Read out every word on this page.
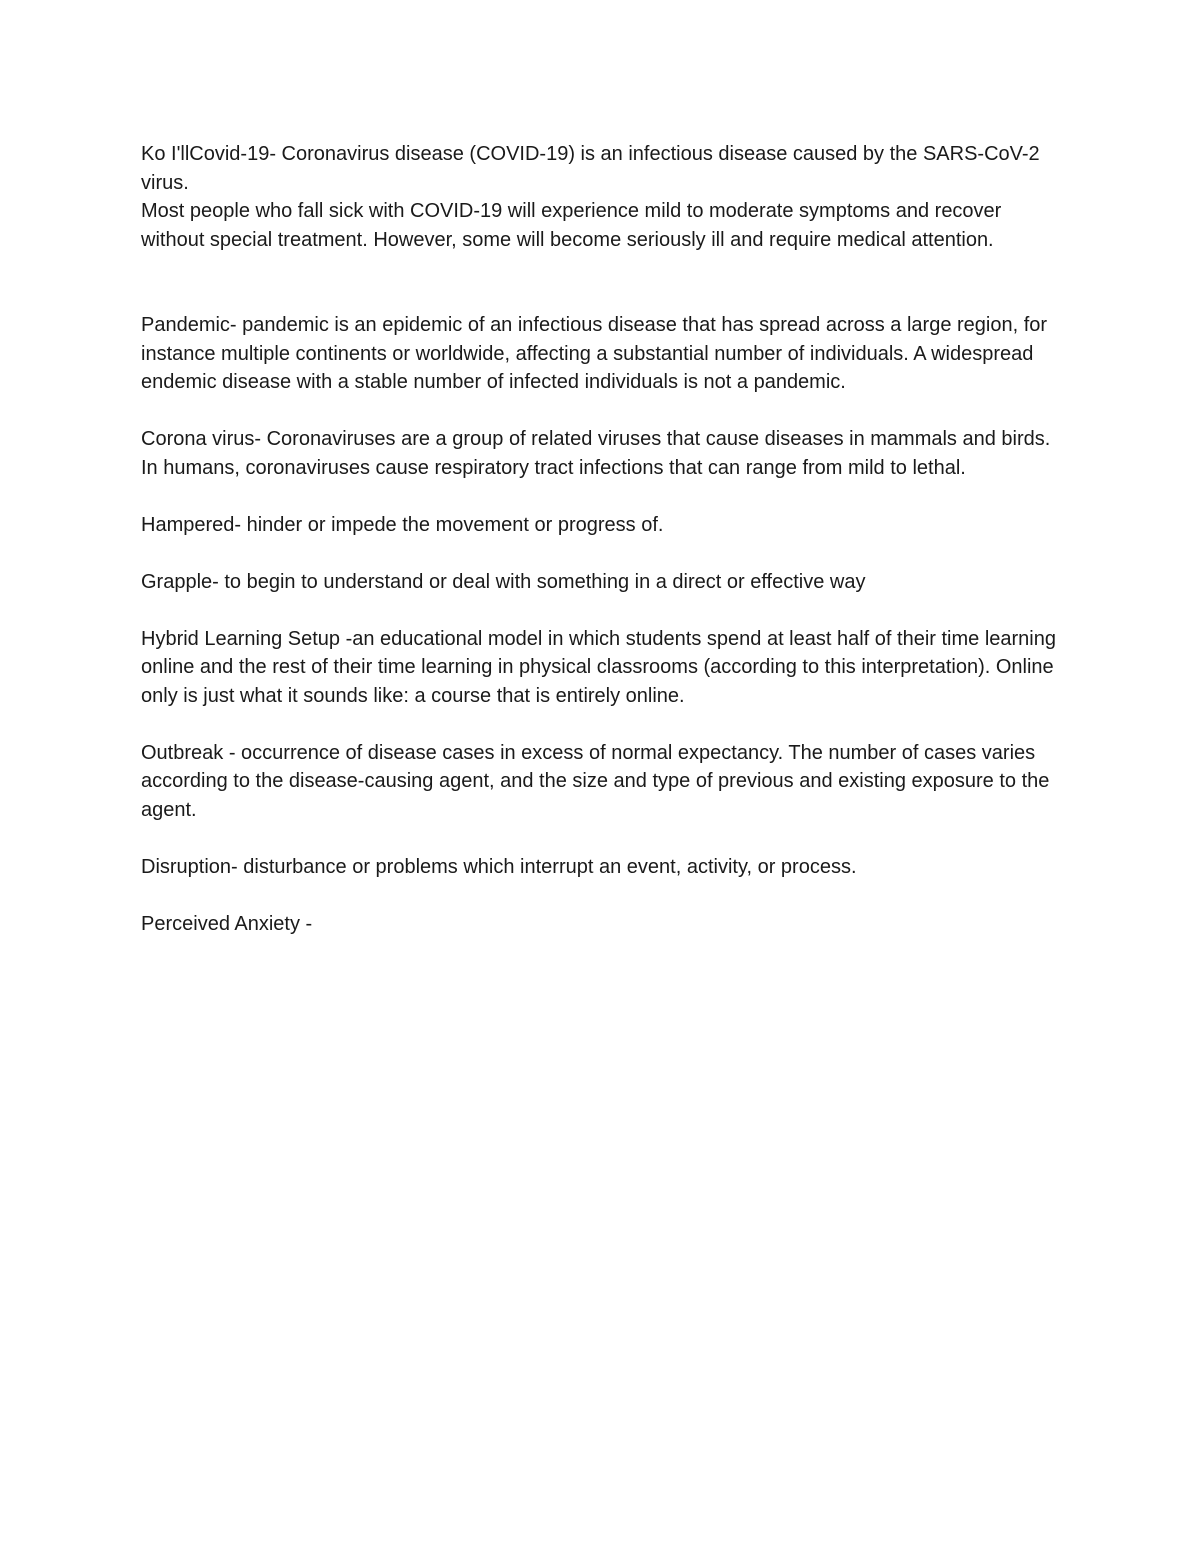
Ko I'llCovid-19- Coronavirus disease (COVID-19) is an infectious disease caused by the SARS-CoV-2 virus.

Most people who fall sick with COVID-19 will experience mild to moderate symptoms and recover without special treatment. However, some will become seriously ill and require medical attention.

Pandemic- pandemic is an epidemic of an infectious disease that has spread across a large region, for instance multiple continents or worldwide, affecting a substantial number of individuals. A widespread endemic disease with a stable number of infected individuals is not a pandemic.

Corona virus- Coronaviruses are a group of related viruses that cause diseases in mammals and birds. In humans, coronaviruses cause respiratory tract infections that can range from mild to lethal.

Hampered- hinder or impede the movement or progress of.

Grapple- to begin to understand or deal with something in a direct or effective way

Hybrid Learning Setup -an educational model in which students spend at least half of their time learning online and the rest of their time learning in physical classrooms (according to this interpretation). Online only is just what it sounds like: a course that is entirely online.

Outbreak - occurrence of disease cases in excess of normal expectancy. The number of cases varies according to the disease-causing agent, and the size and type of previous and existing exposure to the agent.

Disruption- disturbance or problems which interrupt an event, activity, or process.

Perceived Anxiety -
